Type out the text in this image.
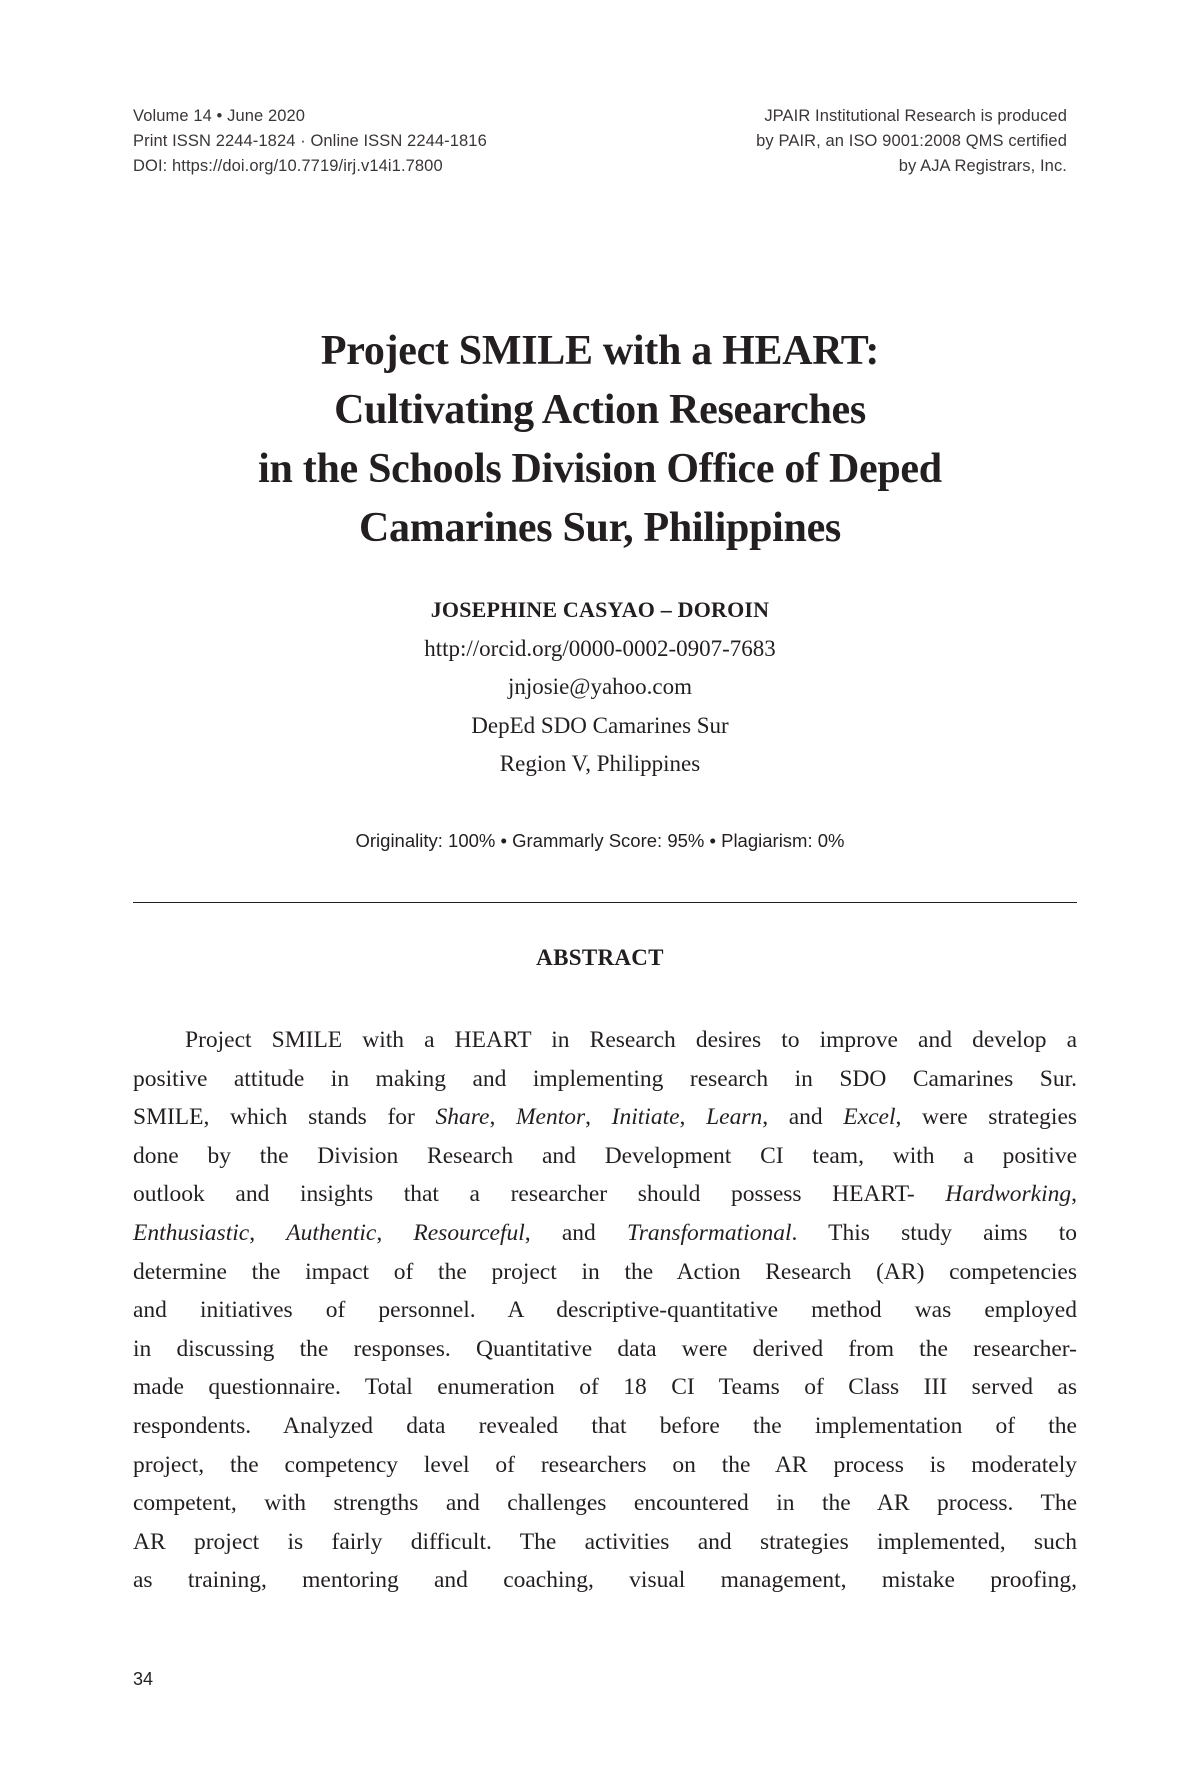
Volume 14 • June 2020
Print ISSN 2244-1824 · Online ISSN 2244-1816
DOI: https://doi.org/10.7719/irj.v14i1.7800
JPAIR Institutional Research is produced
by PAIR, an ISO 9001:2008 QMS certified
by AJA Registrars, Inc.
Project SMILE with a HEART:
Cultivating Action Researches
in the Schools Division Office of Deped
Camarines Sur, Philippines
JOSEPHINE CASYAO – DOROIN
http://orcid.org/0000-0002-0907-7683
jnjosie@yahoo.com
DepEd SDO Camarines Sur
Region V, Philippines
Originality: 100% • Grammarly Score: 95% • Plagiarism: 0%
ABSTRACT
Project SMILE with a HEART in Research desires to improve and develop a
positive attitude in making and implementing research in SDO Camarines Sur.
SMILE, which stands for Share, Mentor, Initiate, Learn, and Excel, were strategies
done by the Division Research and Development CI team, with a positive
outlook and insights that a researcher should possess HEART- Hardworking,
Enthusiastic, Authentic, Resourceful, and Transformational. This study aims to
determine the impact of the project in the Action Research (AR) competencies
and initiatives of personnel. A descriptive-quantitative method was employed
in discussing the responses. Quantitative data were derived from the researcher-
made questionnaire. Total enumeration of 18 CI Teams of Class III served as
respondents. Analyzed data revealed that before the implementation of the
project, the competency level of researchers on the AR process is moderately
competent, with strengths and challenges encountered in the AR process. The
AR project is fairly difficult. The activities and strategies implemented, such
as training, mentoring and coaching, visual management, mistake proofing,
34
